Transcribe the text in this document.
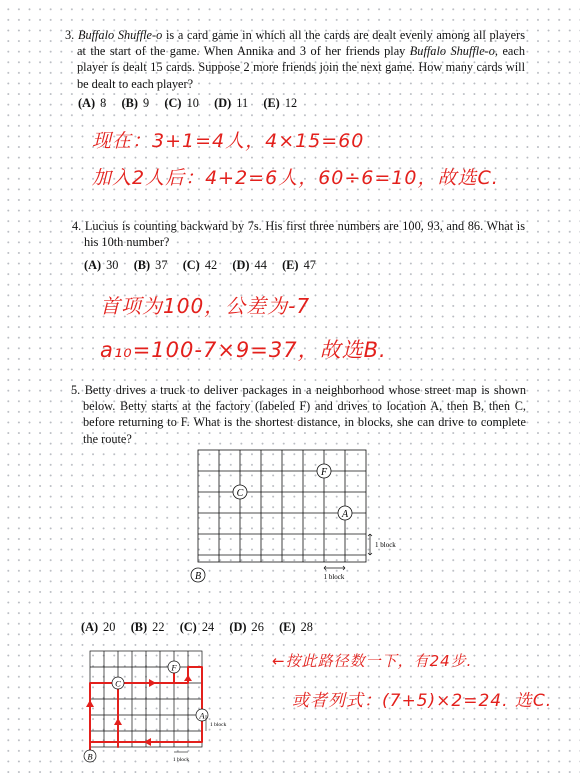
3. Buffalo Shuffle-o is a card game in which all the cards are dealt evenly among all players at the start of the game. When Annika and 3 of her friends play Buffalo Shuffle-o, each player is dealt 15 cards. Suppose 2 more friends join the next game. How many cards will be dealt to each player?

(A) 8 (B) 9 (C) 10 (D) 11 (E) 12

现在：3+1=4人，4×15=60

加入2人后：4+2=6人，60÷6=10，故选C.

4. Lucius is counting backward by 7s. His first three numbers are 100, 93, and 86. What is his 10th number?

(A) 30 (B) 37 (C) 42 (D) 44 (E) 47

首项为100，公差为-7

a₁₀=100-7×9=37，故选B.

5. Betty drives a truck to deliver packages in a neighborhood whose street map is shown below. Betty starts at the factory (labeled F) and drives to location A, then B, then C, before returning to F. What is the shortest distance, in blocks, she can drive to complete the route?

F
C
A
B
1 block
1 block

(A) 20 (B) 22 (C) 24 (D) 26 (E) 28

F
C
A
B
1 block
1 block

←按此路径数一下，有24步.

或者列式：(7+5)×2=24. 选C.
